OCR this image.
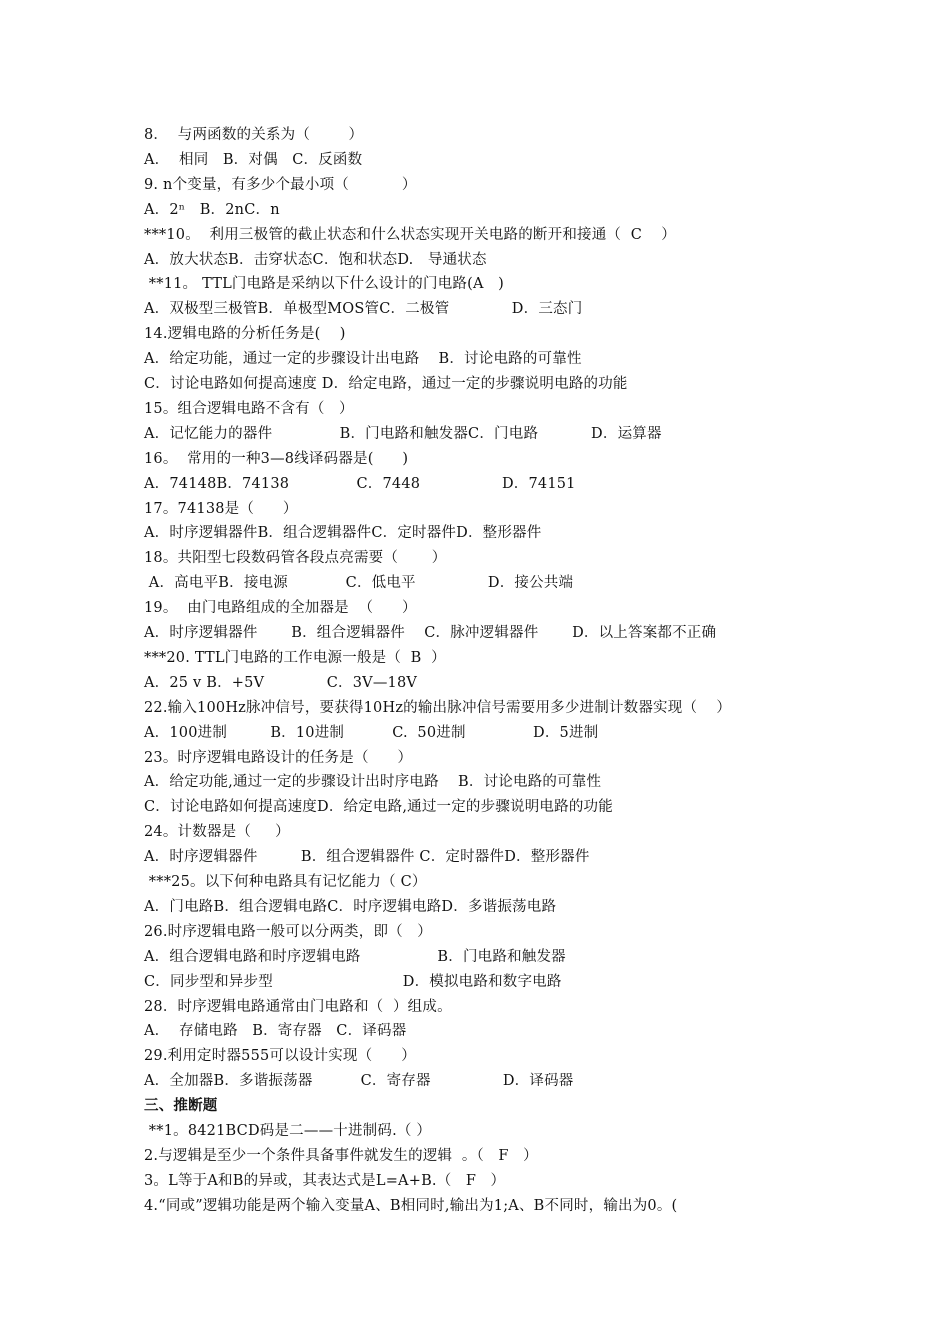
8．  与两函数的关系为（        ）
A．  相同   B．对偶   C．反函数
9. n个变量，有多少个最小项（           ）
A．2ⁿ   B．2nC．n
***10。  利用三极管的截止状态和什么状态实现开关电路的断开和接通（  C    ）
A．放大状态B．击穿状态C．饱和状态D.   导通状态
**11。 TTL门电路是采纳以下什么设计的门电路(A   )
A．双极型三极管B．单极型MOS管C．二极管             D．三态门
14.逻辑电路的分析任务是(    )
A．给定功能，通过一定的步骤设计出电路    B．讨论电路的可靠性
C．讨论电路如何提高速度 D．给定电路，通过一定的步骤说明电路的功能
15。组合逻辑电路不含有（   ）
A．记忆能力的器件              B．门电路和触发器C．门电路           D．运算器
16。  常用的一种3—8线译码器是(      )
A．74148B．74138              C．7448                 D．74151
17。74138是（      ）
A．时序逻辑器件B．组合逻辑器件C．定时器件D．整形器件
18。共阳型七段数码管各段点亮需要（       ）
A．高电平B．接电源            C．低电平               D．接公共端
19。  由门电路组成的全加器是  （      ）
A．时序逻辑器件       B．组合逻辑器件    C．脉冲逻辑器件       D．以上答案都不正确
***20. TTL门电路的工作电源一般是（  B  ）
A．25 v B．+5V             C．3V—18V
22.输入100Hz脉冲信号，要获得10Hz的输出脉冲信号需要用多少进制计数器实现（    ）
A．100进制         B．10进制          C.  50进制              D．5进制
23。时序逻辑电路设计的任务是（      ）
A．给定功能,通过一定的步骤设计出时序电路    B．讨论电路的可靠性
C．讨论电路如何提高速度D．给定电路,通过一定的步骤说明电路的功能
24。计数器是（     ）
A．时序逻辑器件         B．组合逻辑器件 C．定时器件D．整形器件
***25。以下何种电路具有记忆能力（ C）
A．门电路B．组合逻辑电路C．时序逻辑电路D．多谐振荡电路
26.时序逻辑电路一般可以分两类，即（   ）
A．组合逻辑电路和时序逻辑电路                B．门电路和触发器
C．同步型和异步型                           D．模拟电路和数字电路
28．时序逻辑电路通常由门电路和（  ）组成。
A．  存储电路   B．寄存器   C．译码器
29.利用定时器555可以设计实现（      ）
A．全加器B．多谐振荡器          C．寄存器               D．译码器
三、推断题
**1。8421BCD码是二——十进制码.（ ）
2.与逻辑是至少一个条件具备事件就发生的逻辑  。（   F   ）
3。L等于A和B的异或，其表达式是L=A+B.（   F   ）
4.“同或”逻辑功能是两个输入变量A、B相同时,输出为1;A、B不同时，输出为0。(
